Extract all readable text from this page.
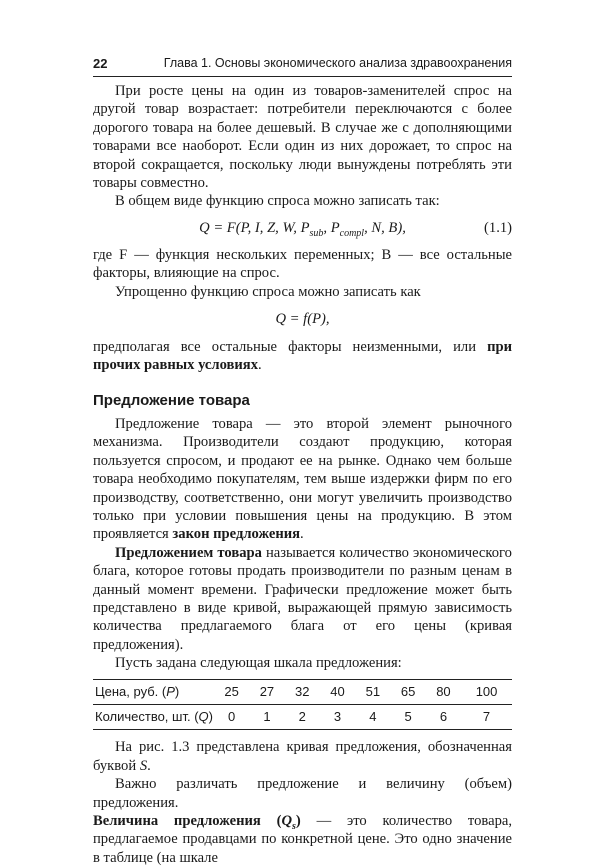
22	Глава 1. Основы экономического анализа здравоохранения

При росте цены на один из товаров-заменителей спрос на другой товар возрастает: потребители переключаются с более дорогого товара на более дешевый. В случае же с дополняющими товарами все наоборот. Если один из них дорожает, то спрос на второй сокращается, поскольку люди вынуждены потреблять эти товары совместно.

В общем виде функцию спроса можно записать так:

Q = F(P, I, Z, W, $P_{sub}$, $P_{compl}$, N, B),	(1.1)

где F — функция нескольких переменных; B — все остальные факторы, влияющие на спрос.

Упрощенно функцию спроса можно записать как

Q = f(P),

предполагая все остальные факторы неизменными, или при прочих равных условиях.

Предложение товара

Предложение товара — это второй элемент рыночного механизма. Производители создают продукцию, которая пользуется спросом, и продают ее на рынке. Однако чем больше товара необходимо покупателям, тем выше издержки фирм по его производству, соответственно, они могут увеличить производство только при условии повышения цены на продукцию. В этом проявляется закон предложения.

Предложением товара называется количество экономического блага, которое готовы продать производители по разным ценам в данный момент времени. Графически предложение может быть представлено в виде кривой, выражающей прямую зависимость количества предлагаемого блага от его цены (кривая предложения).

Пусть задана следующая шкала предложения:

Цена, руб. (P)	25	27	32	40	51	65	80	100
Количество, шт. (Q)	0	1	2	3	4	5	6	7

На рис. 1.3 представлена кривая предложения, обозначенная буквой S.

Важно различать предложение и величину (объем) предложения.

Величина предложения $(Q_s)$ — это количество товара, предлагаемое продавцами по конкретной цене. Это одно значение в таблице (на шкале
